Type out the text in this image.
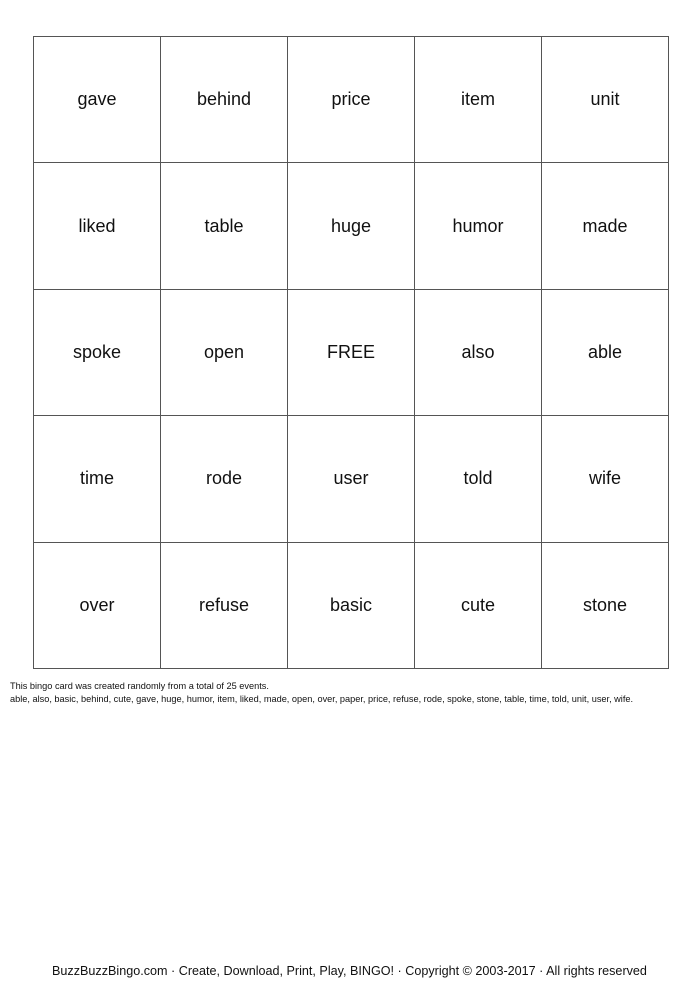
gave	behind	price	item	unit
liked	table	huge	humor	made
spoke	open	FREE	also	able
time	rode	user	told	wife
over	refuse	basic	cute	stone
This bingo card was created randomly from a total of 25 events.
able, also, basic, behind, cute, gave, huge, humor, item, liked, made, open, over, paper, price, refuse, rode, spoke, stone, table, time, told, unit, user, wife.
BuzzBuzzBingo.com · Create, Download, Print, Play, BINGO! · Copyright © 2003-2017 · All rights reserved
